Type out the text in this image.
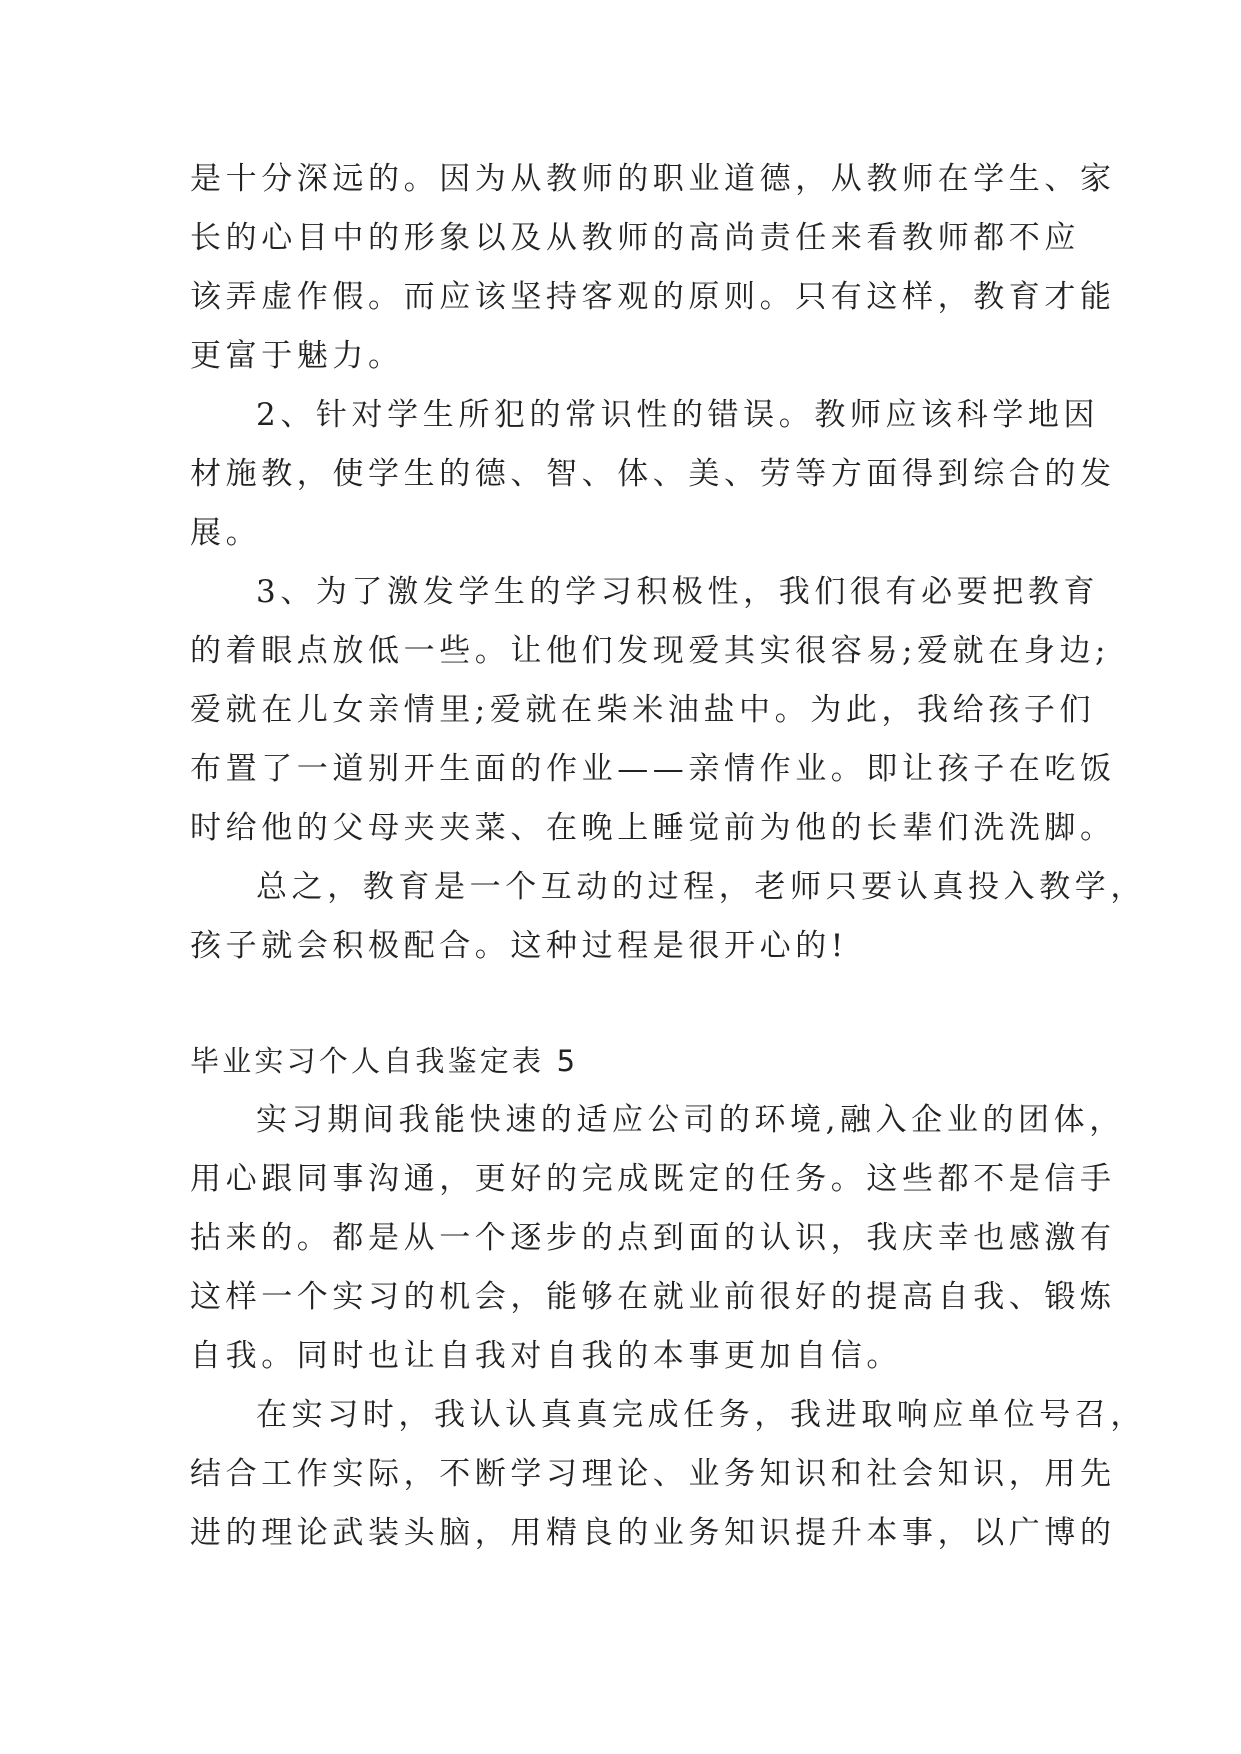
是十分深远的。因为从教师的职业道德，从教师在学生、家
长的心目中的形象以及从教师的高尚责任来看教师都不应
该弄虚作假。而应该坚持客观的原则。只有这样，教育才能
更富于魅力。
2、针对学生所犯的常识性的错误。教师应该科学地因
材施教，使学生的德、智、体、美、劳等方面得到综合的发
展。
3、为了激发学生的学习积极性，我们很有必要把教育
的着眼点放低一些。让他们发现爱其实很容易;爱就在身边;
爱就在儿女亲情里;爱就在柴米油盐中。为此，我给孩子们
布置了一道别开生面的作业——亲情作业。即让孩子在吃饭
时给他的父母夹夹菜、在晚上睡觉前为他的长辈们洗洗脚。
总之，教育是一个互动的过程，老师只要认真投入教学，
孩子就会积极配合。这种过程是很开心的!
毕业实习个人自我鉴定表 5
实习期间我能快速的适应公司的环境,融入企业的团体，
用心跟同事沟通，更好的完成既定的任务。这些都不是信手
拈来的。都是从一个逐步的点到面的认识，我庆幸也感激有
这样一个实习的机会，能够在就业前很好的提高自我、锻炼
自我。同时也让自我对自我的本事更加自信。
在实习时，我认认真真完成任务，我进取响应单位号召，
结合工作实际，不断学习理论、业务知识和社会知识，用先
进的理论武装头脑，用精良的业务知识提升本事，以广博的
